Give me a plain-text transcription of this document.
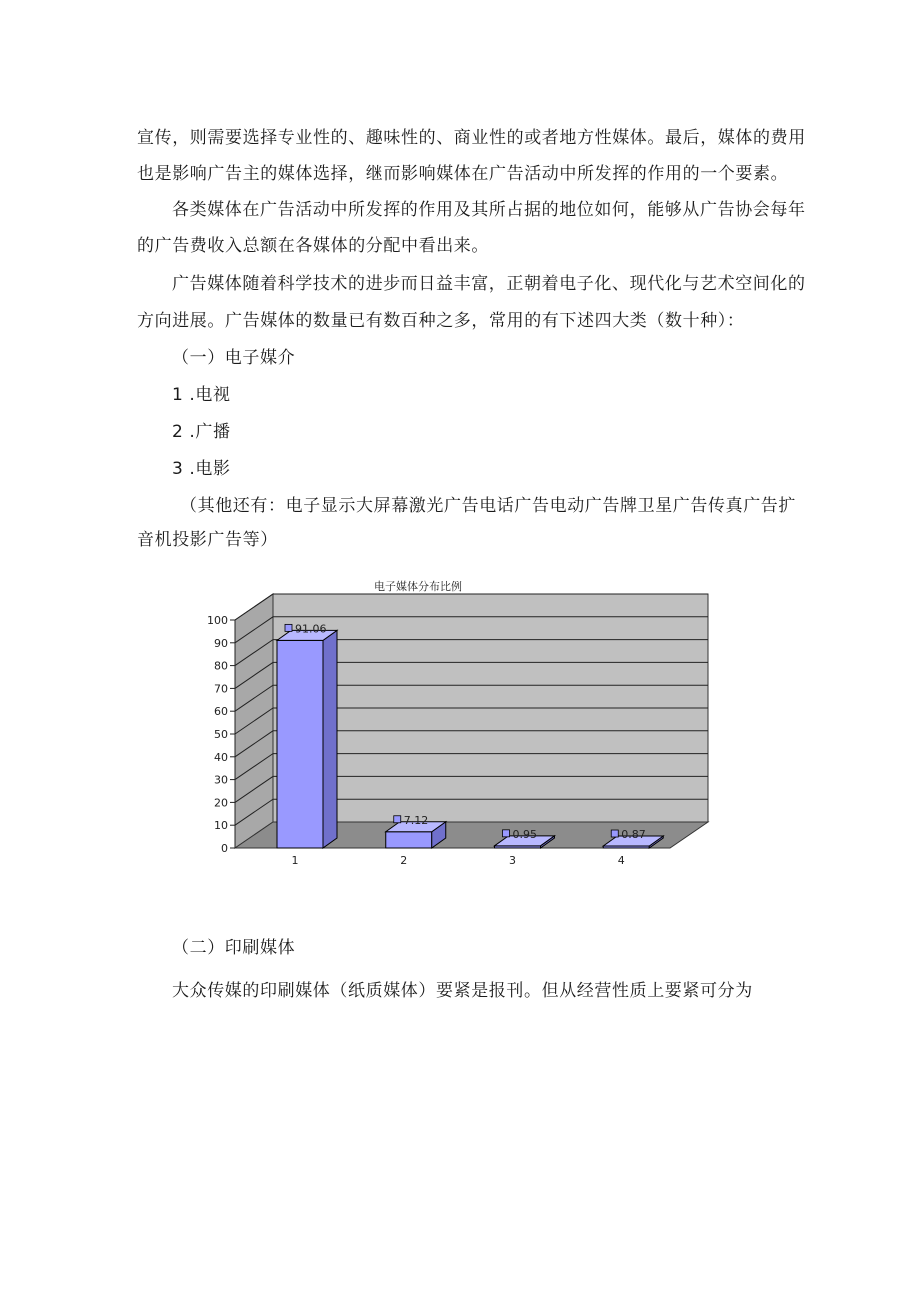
宣传，则需要选择专业性的、趣味性的、商业性的或者地方性媒体。最后，媒体的费用
也是影响广告主的媒体选择，继而影响媒体在广告活动中所发挥的作用的一个要素。
各类媒体在广告活动中所发挥的作用及其所占据的地位如何，能够从广告协会每年
的广告费收入总额在各媒体的分配中看出来。
广告媒体随着科学技术的进步而日益丰富，正朝着电子化、现代化与艺术空间化的
方向进展。广告媒体的数量已有数百种之多，常用的有下述四大类（数十种）：
（一）电子媒介
1 .电视
2 .广播
3 .电影
（其他还有：电子显示大屏幕激光广告电话广告电动广告牌卫星广告传真广告扩
音机投影广告等）
电子媒体分布比例
0
10
20
30
40
50
60
70
80
90
100
91.06
1
7.12
2
0.95
3
0.87
4
（二）印刷媒体
大众传媒的印刷媒体（纸质媒体）要紧是报刊。但从经营性质上要紧可分为
